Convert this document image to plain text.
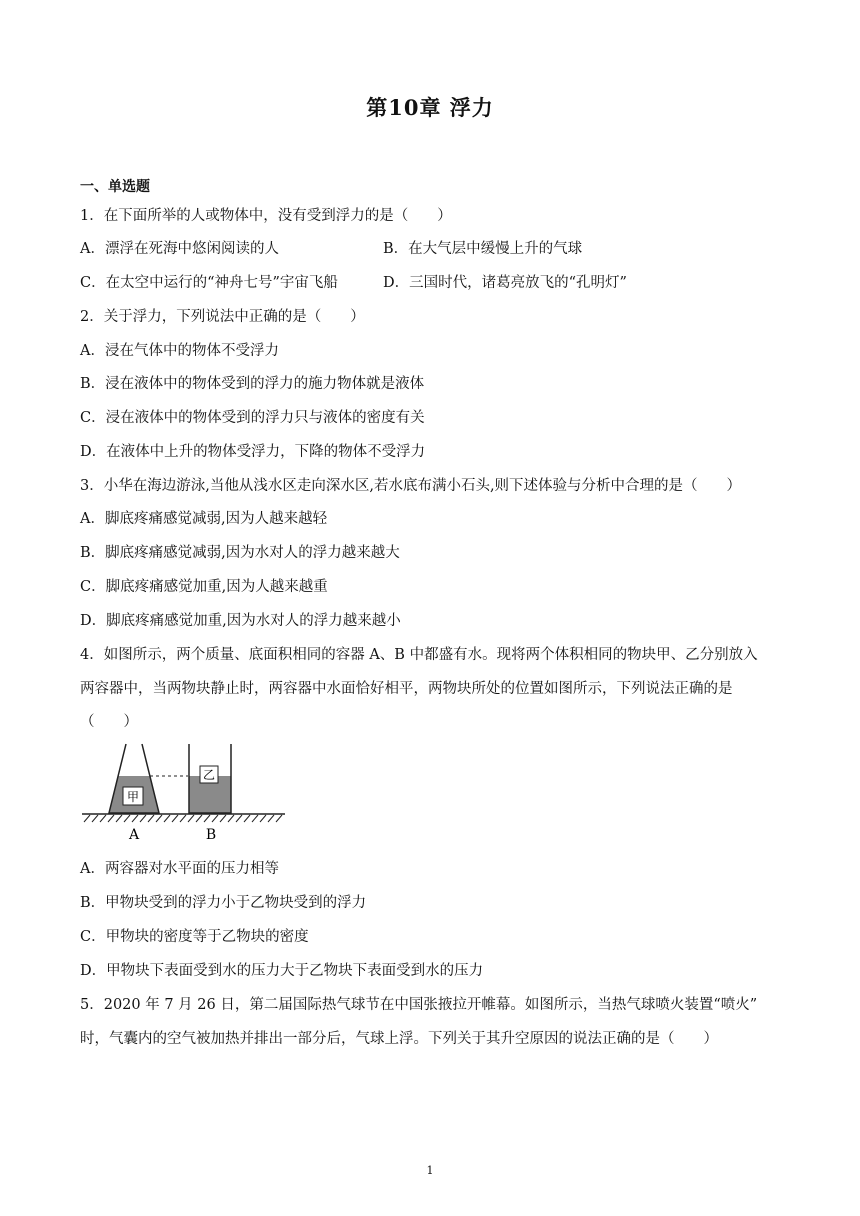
第10章 浮力
一、单选题
1．在下面所举的人或物体中，没有受到浮力的是（　　）
A．漂浮在死海中悠闲阅读的人	B．在大气层中缓慢上升的气球
C．在太空中运行的“神舟七号”宇宙飞船	D．三国时代，诸葛亮放飞的“孔明灯”
2．关于浮力，下列说法中正确的是（　　）
A．浸在气体中的物体不受浮力
B．浸在液体中的物体受到的浮力的施力物体就是液体
C．浸在液体中的物体受到的浮力只与液体的密度有关
D．在液体中上升的物体受浮力，下降的物体不受浮力
3．小华在海边游泳,当他从浅水区走向深水区,若水底布满小石头,则下述体验与分析中合理的是（　　）
A．脚底疼痛感觉减弱,因为人越来越轻
B．脚底疼痛感觉减弱,因为水对人的浮力越来越大
C．脚底疼痛感觉加重,因为人越来越重
D．脚底疼痛感觉加重,因为水对人的浮力越来越小
4．如图所示，两个质量、底面积相同的容器 A、B 中都盛有水。现将两个体积相同的物块甲、乙分别放入
两容器中，当两物块静止时，两容器中水面恰好相平，两物块所处的位置如图所示，下列说法正确的是
（　　）
甲
乙
A	B
A．两容器对水平面的压力相等
B．甲物块受到的浮力小于乙物块受到的浮力
C．甲物块的密度等于乙物块的密度
D．甲物块下表面受到水的压力大于乙物块下表面受到水的压力
5．2020 年 7 月 26 日，第二届国际热气球节在中国张掖拉开帷幕。如图所示，当热气球喷火装置“喷火”
时，气囊内的空气被加热并排出一部分后，气球上浮。下列关于其升空原因的说法正确的是（　　）
1
